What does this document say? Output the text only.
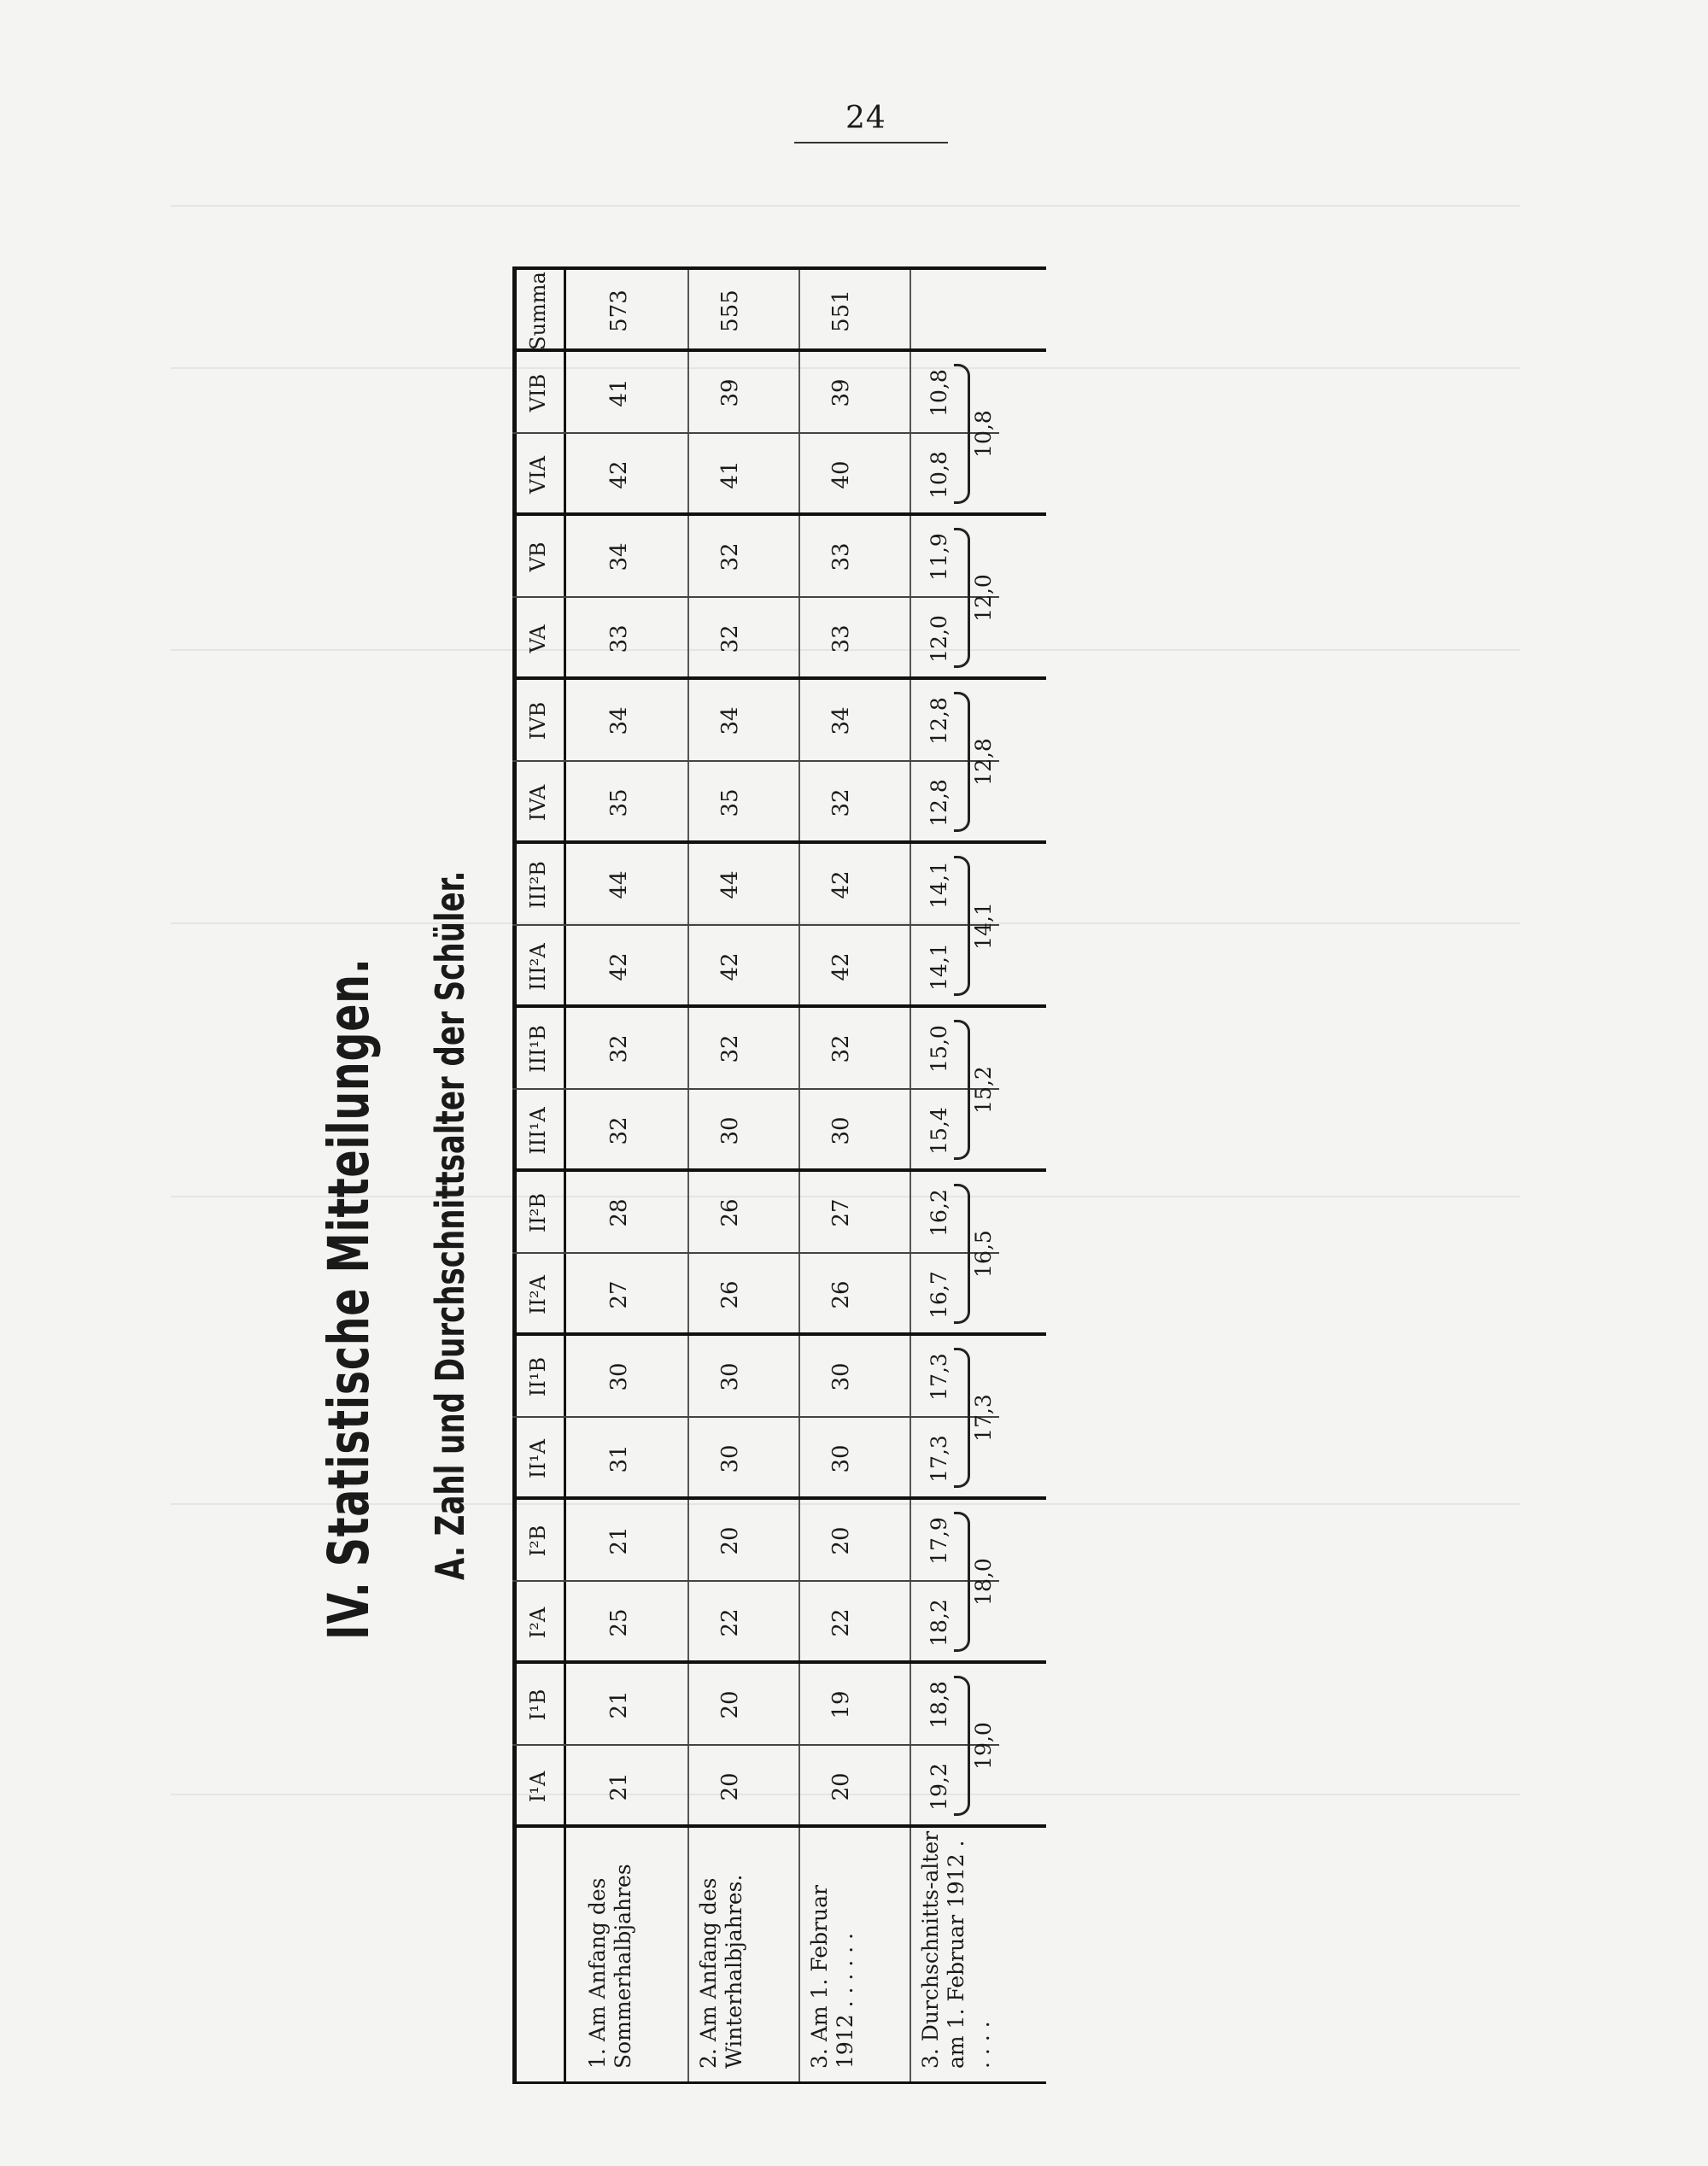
24
IV. Statistische Mitteilungen. A. Zahl und Durchschnittsalter der Schüler.
I¹A
I¹B
I²A
I²B
II¹A
II¹B
II²A
II²B
III¹A
III¹B
III²A
III²B
IVA
IVB
VA
VB
VIA
VIB
Summa
1. Am Anfang des Sommerhalbjahres
21
21
25
21
31
30
27
28
32
32
42
44
35
34
33
34
42
41
573
2. Am Anfang des Winterhalbjahres.
20
20
22
20
30
30
26
26
30
32
42
44
35
34
32
32
41
39
555
3. Am 1. Februar 1912 . . . . . .
20
19
22
20
30
30
26
27
30
32
42
42
32
34
33
33
40
39
551
3. Durchschnitts-alter am 1. Februar 1912 . . . . .
19,2
18,8
18,2
17,9
17,3
17,3
16,7
16,2
15,4
15,0
14,1
14,1
12,8
12,8
12,0
11,9
10,8
10,8
19,0
18,0
17,3
16,5
15,2
14,1
12,8
12,0
10,8
